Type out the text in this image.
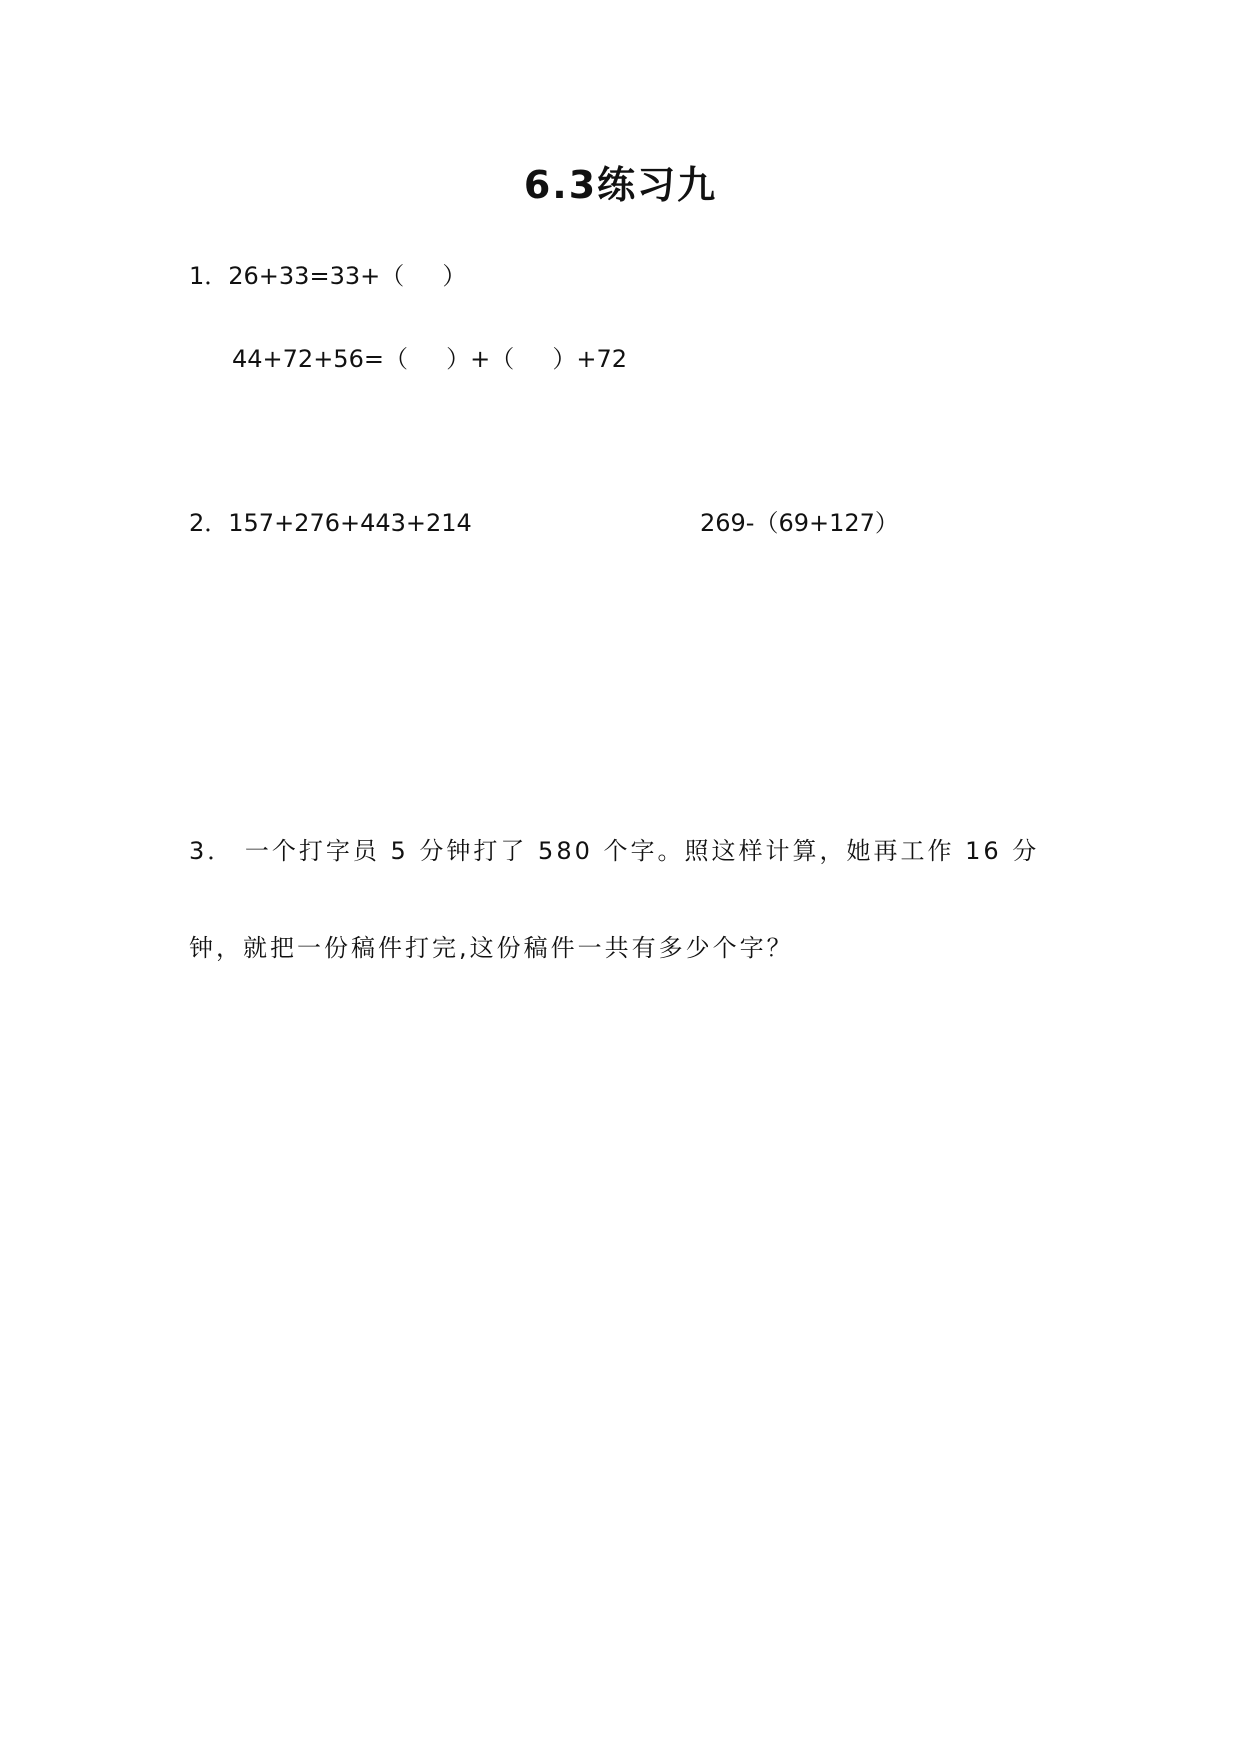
6.3练习九
1．26+33=33+（     ）
44+72+56=（     ）+（     ）+72
2．157+276+443+214	269-（69+127）
3． 一个打字员 5 分钟打了 580 个字。照这样计算，她再工作 16 分
钟，就把一份稿件打完,这份稿件一共有多少个字？
